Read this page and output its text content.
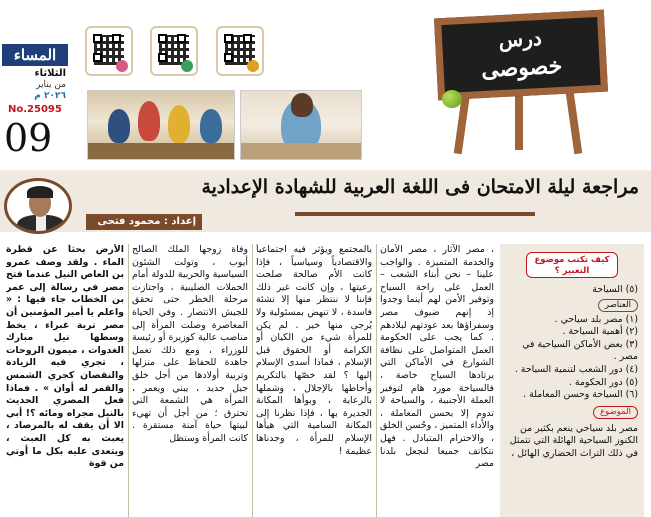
المساء
الثلاثاء
من يناير
٢٠٢٦ م
No.25095
09
درس
خصوصى
مراجعة ليلة الامتحان فى اللغة العربية للشهادة الإعدادية
إعداد : محمود فتحى
كيف تكتب موضوع التعبير ؟
(٥) السياحة
العناصر
(١) مصر بلد سياحي .
(٢) أهمية السياحة .
(٣) بعض الأماكن السياحية في مصر .
(٤) دور الشعب لتنمية السياحة .
(٥) دور الحكومة .
(٦) السياحة وحسن المعاملة .
الموضوع
مصر بلد سياحي ينعم بكثير من الكنوز السياحية الهائلة التي تتمثل في ذلك التراث الحضاري الهائل ،
، مصر الآثار ، مصر الأمان والخدمة المتميزة . والواجب علينا – نحن أبناء الشعب – العمل على راحة السياح وتوفير الأمن لهم أينما وجدوا إذ إنهم ضيوف مصر وسفراؤها بعد عودتهم لبلادهم . كما يجب على الحكومة العمل المتواصل على نظافة الشوارع في الأماكن التي يرتادها السياح خاصة ، فالسياحة مورد هام لتوفير العملة الأجنبية ، والسياحة لا تدوم إلا بحسن المعاملة ، والأداء المتميز ، وحُسن الخلق ، والاحترام المتبادل . فهل نتكاتف جميعا لنجعل بلدنا مصر
بالمجتمع ويؤثر فيه اجتماعياً والاقتصادياً وسياسياً ، فإذا كانت الأم صالحة صلحت رعيتها ، وإن كانت غير ذلك فإننا لا ننتظر منها إلا نشئة فاسدة ، لا تنهض بمسئولية ولا يُرجى منها خير . لم يكن للمرأة شيء من الكيان أو الكرامة أو الحقوق قبل الإسلام ، فماذا أسدى الإسلام إليها ؟ لقد خصّها بالتكريم وأحاطها بالإجلال ، وشملها بالرعاية ، وبوأها المكانة الجديرة بها ، فإذا نظرنا إلى المكانة السامية التي هيأها الإسلام للمرأة ، وجدناها عظيمة !
وفاة زوجها الملك الصالح أيوب ، وتولت الشئون السياسية والحربية للدولة أمام الحملات الصليبية ، واجتازت مرحلة الخطر حتى تحقق للجيش الانتصار . وفي الحياة المعاصرة وصلت المرأة إلى مناصب عالية كوزيرة أو رئيسة للوزراء ، ومع ذلك تعمل جاهدة للحفاظ على منزلها وتربية أولادها من أجل خلق جيل جديد ، يبني ويعمر ، المرأة هي الشمعة التي تحترق ؛ من أجل أن تهيء لبيتها حياة آمنة مستقرة . كانت المرأة وستظل
الأرض بحثاً عن قطرة الماء . ولقد وصف عمرو بن العاص النيل عندما فتح مصر في رسالة إلى عمر بن الخطاب جاء فيها : « واعلم يا أمير المؤمنين أن مصر تربة غبراء ، يخط وسطها نيل مبارك الغدوات ، ميمون الروحات ، تجري فيه الزيادة والنقصان كجري الشمس والقمر له أوان » . فماذا فعل المصري الحديث بالنيل مجراه ومائه ؟! أبي الا أن يقف له بالمرصاد ، يعبث به كل العبث ، ويتعدى عليه بكل ما أوتي من قوة
